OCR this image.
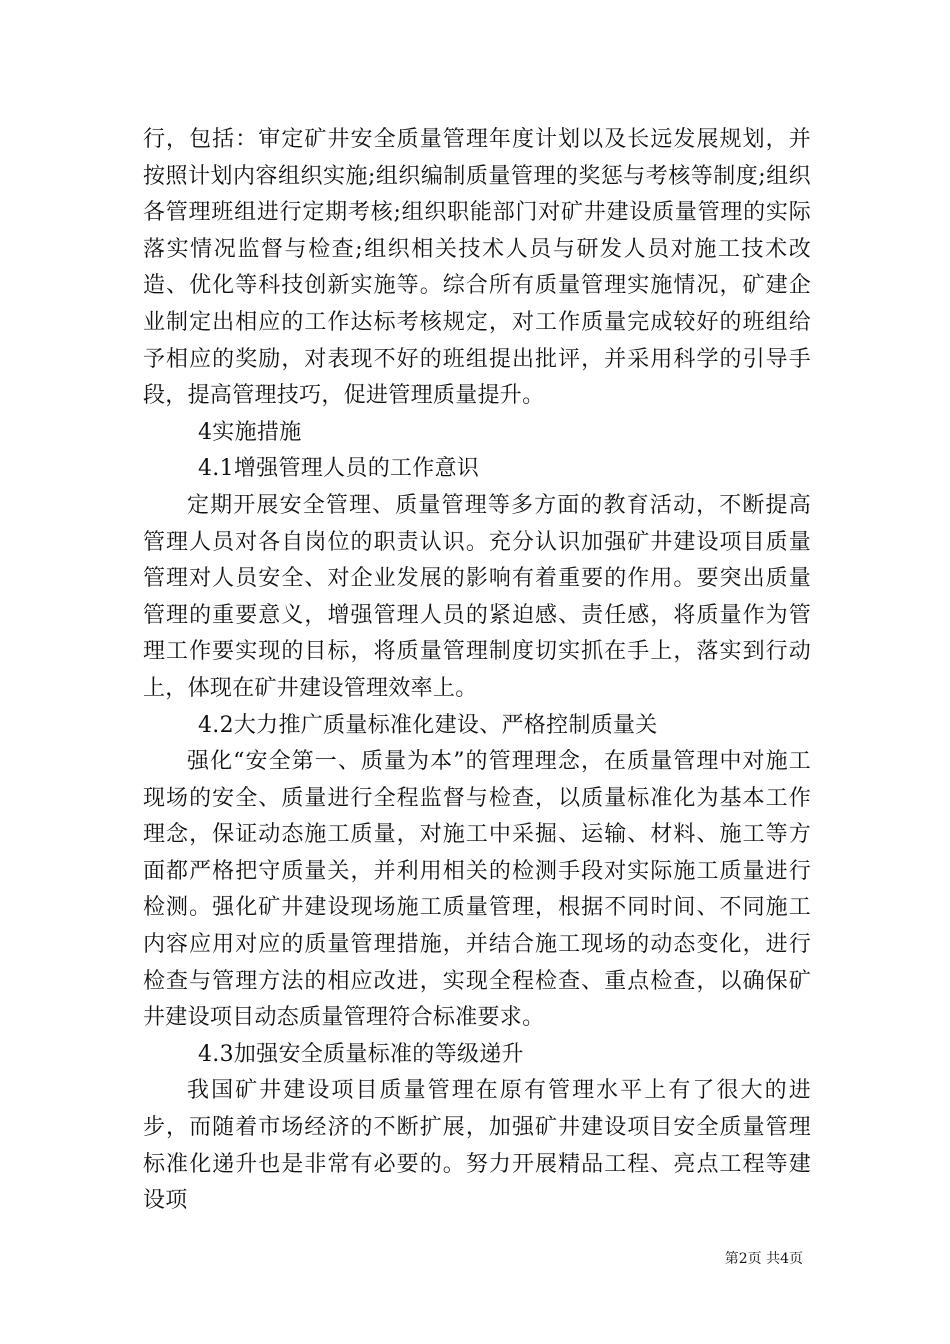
行，包括：审定矿井安全质量管理年度计划以及长远发展规划，并按照计划内容组织实施;组织编制质量管理的奖惩与考核等制度;组织各管理班组进行定期考核;组织职能部门对矿井建设质量管理的实际落实情况监督与检查;组织相关技术人员与研发人员对施工技术改造、优化等科技创新实施等。综合所有质量管理实施情况，矿建企业制定出相应的工作达标考核规定，对工作质量完成较好的班组给予相应的奖励，对表现不好的班组提出批评，并采用科学的引导手段，提高管理技巧，促进管理质量提升。

4实施措施

4.1增强管理人员的工作意识

定期开展安全管理、质量管理等多方面的教育活动，不断提高管理人员对各自岗位的职责认识。充分认识加强矿井建设项目质量管理对人员安全、对企业发展的影响有着重要的作用。要突出质量管理的重要意义，增强管理人员的紧迫感、责任感，将质量作为管理工作要实现的目标，将质量管理制度切实抓在手上，落实到行动上，体现在矿井建设管理效率上。

4.2大力推广质量标准化建设、严格控制质量关

强化“安全第一、质量为本”的管理理念，在质量管理中对施工现场的安全、质量进行全程监督与检查，以质量标准化为基本工作理念，保证动态施工质量，对施工中采掘、运输、材料、施工等方面都严格把守质量关，并利用相关的检测手段对实际施工质量进行检测。强化矿井建设现场施工质量管理，根据不同时间、不同施工内容应用对应的质量管理措施，并结合施工现场的动态变化，进行检查与管理方法的相应改进，实现全程检查、重点检查，以确保矿井建设项目动态质量管理符合标准要求。

4.3加强安全质量标准的等级递升

我国矿井建设项目质量管理在原有管理水平上有了很大的进步，而随着市场经济的不断扩展，加强矿井建设项目安全质量管理标准化递升也是非常有必要的。努力开展精品工程、亮点工程等建设项

第2页 共4页
